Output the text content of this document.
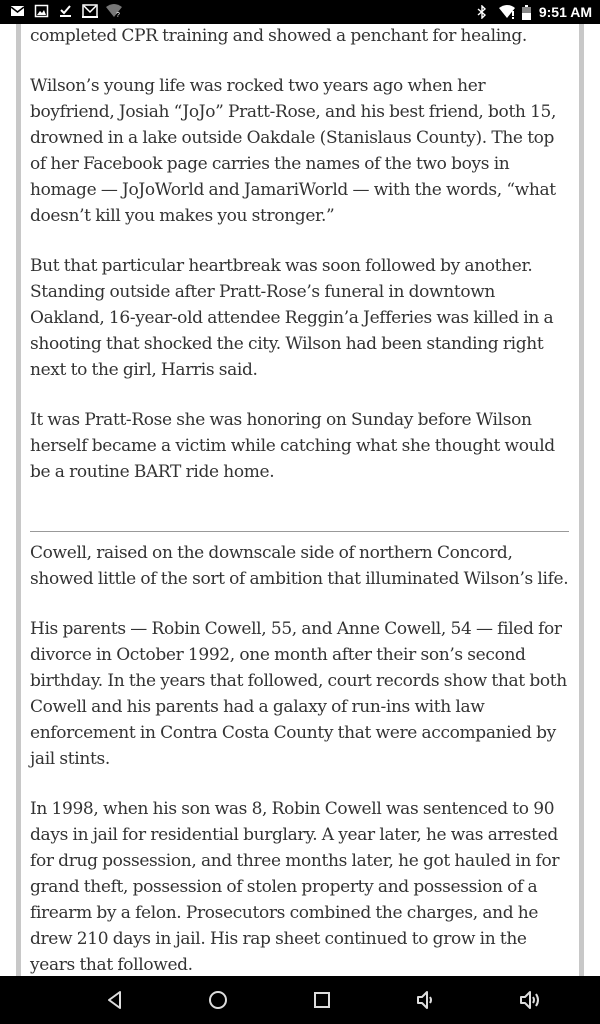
?	9:51 AM

completed CPR training and showed a penchant for healing.

Wilson’s young life was rocked two years ago when her boyfriend, Josiah “JoJo” Pratt-Rose, and his best friend, both 15, drowned in a lake outside Oakdale (Stanislaus County). The top of her Facebook page carries the names of the two boys in homage — JoJoWorld and JamariWorld — with the words, “what doesn’t kill you makes you stronger.”

But that particular heartbreak was soon followed by another. Standing outside after Pratt-Rose’s funeral in downtown Oakland, 16-year-old attendee Reggin’a Jefferies was killed in a shooting that shocked the city. Wilson had been standing right next to the girl, Harris said.

It was Pratt-Rose she was honoring on Sunday before Wilson herself became a victim while catching what she thought would be a routine BART ride home.

Cowell, raised on the downscale side of northern Concord, showed little of the sort of ambition that illuminated Wilson’s life.

His parents — Robin Cowell, 55, and Anne Cowell, 54 — filed for divorce in October 1992, one month after their son’s second birthday. In the years that followed, court records show that both Cowell and his parents had a galaxy of run-ins with law enforcement in Contra Costa County that were accompanied by jail stints.

In 1998, when his son was 8, Robin Cowell was sentenced to 90 days in jail for residential burglary. A year later, he was arrested for drug possession, and three months later, he got hauled in for grand theft, possession of stolen property and possession of a firearm by a felon. Prosecutors combined the charges, and he drew 210 days in jail. His rap sheet continued to grow in the years that followed.
